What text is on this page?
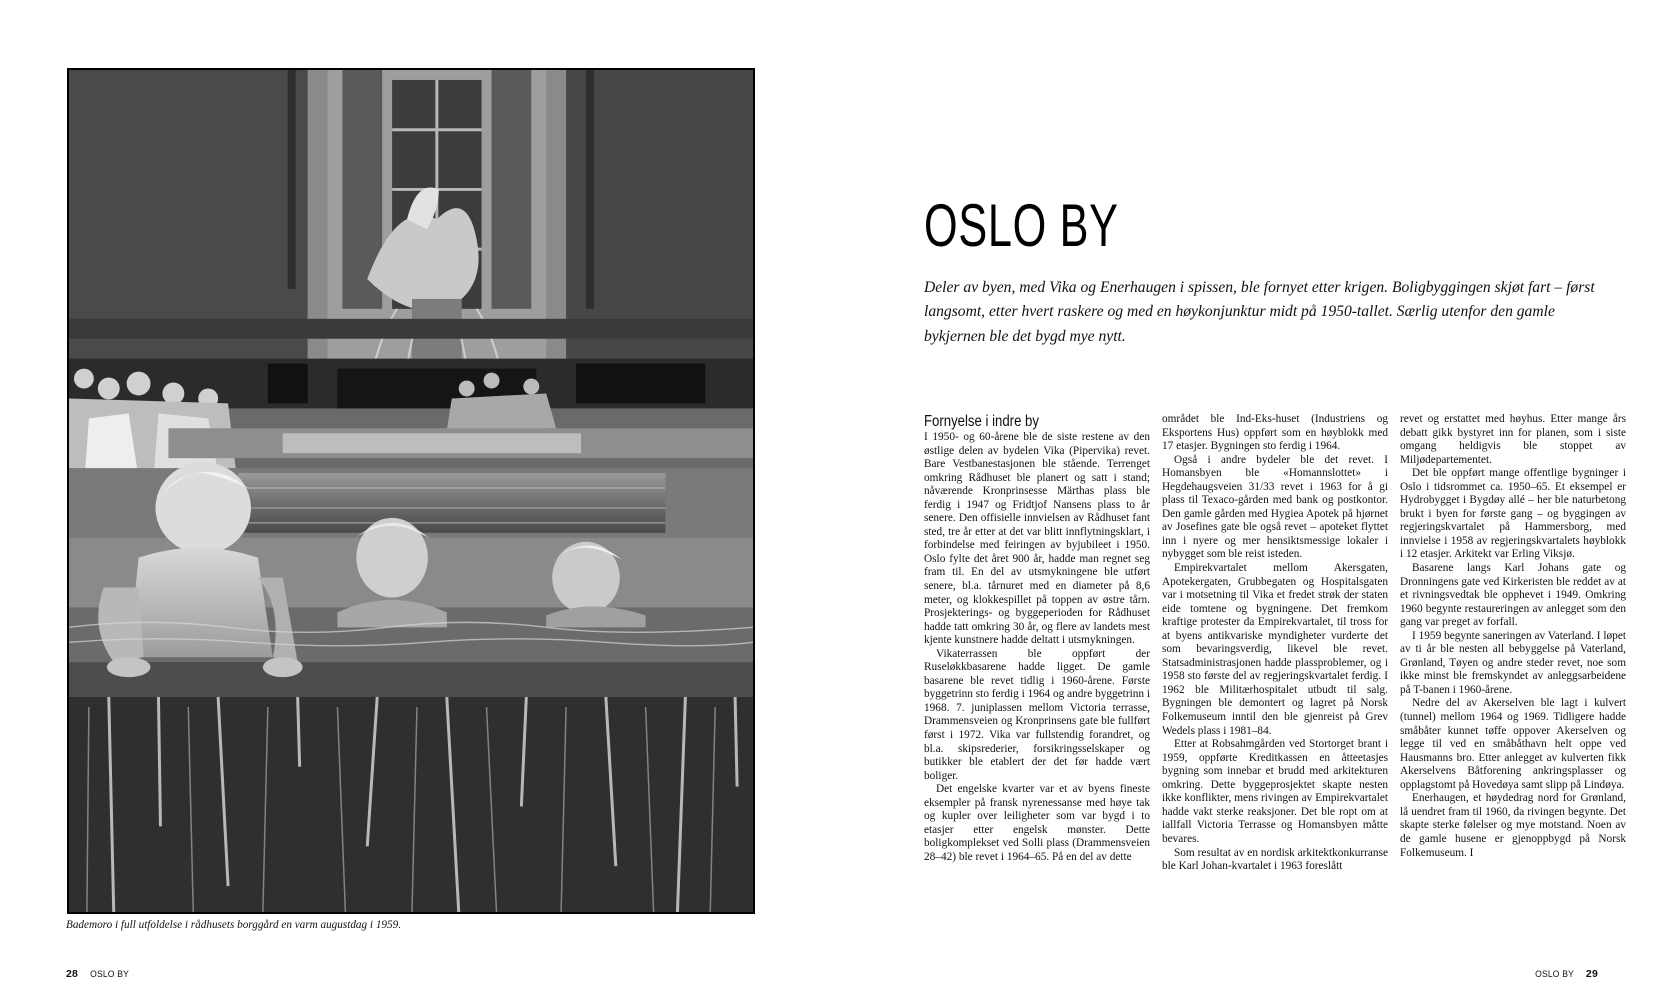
Bademoro i full utfoldelse i rådhusets borggård en varm augustdag i 1959.
28 OSLO BY
OSLO BY
Deler av byen, med Vika og Enerhaugen i spissen, ble fornyet etter krigen. Boligbyggingen skjøt fart – først langsomt, etter hvert raskere og med en høykonjunktur midt på 1950-tallet. Særlig utenfor den gamle bykjernen ble det bygd mye nytt.
Fornyelse i indre by

I 1950- og 60-årene ble de siste restene av den østlige delen av bydelen Vika (Pipervika) revet. Bare Vestbanestasjonen ble stående. Terrenget omkring Rådhuset ble planert og satt i stand; nåværende Kronprinsesse Märthas plass ble ferdig i 1947 og Fridtjof Nansens plass to år senere. Den offisielle innvielsen av Rådhuset fant sted, tre år etter at det var blitt innflytningsklart, i forbindelse med feiringen av byjubileet i 1950. Oslo fylte det året 900 år, hadde man regnet seg fram til. En del av utsmykningene ble utført senere, bl.a. tårnuret med en diameter på 8,6 meter, og klokkespillet på toppen av østre tårn. Prosjekterings- og byggeperioden for Rådhuset hadde tatt omkring 30 år, og flere av landets mest kjente kunstnere hadde deltatt i utsmykningen.

Vikaterrassen ble oppført der Ruseløkkbasarene hadde ligget. De gamle basarene ble revet tidlig i 1960-årene. Første byggetrinn sto ferdig i 1964 og andre byggetrinn i 1968. 7. juniplassen mellom Victoria terrasse, Drammensveien og Kronprinsens gate ble fullført først i 1972. Vika var fullstendig forandret, og bl.a. skipsrederier, forsikringsselskaper og butikker ble etablert der det før hadde vært boliger.

Det engelske kvarter var et av byens fineste eksempler på fransk nyrenessanse med høye tak og kupler over leiligheter som var bygd i to etasjer etter engelsk mønster. Dette boligkomplekset ved Solli plass (Drammensveien 28–42) ble revet i 1964–65. På en del av dette

området ble Ind-Eks-huset (Industriens og Eksportens Hus) oppført som en høyblokk med 17 etasjer. Bygningen sto ferdig i 1964.

Også i andre bydeler ble det revet. I Homansbyen ble «Homannslottet» i Hegdehaugsveien 31/33 revet i 1963 for å gi plass til Texaco-gården med bank og postkontor. Den gamle gården med Hygiea Apotek på hjørnet av Josefines gate ble også revet – apoteket flyttet inn i nyere og mer hensiktsmessige lokaler i nybygget som ble reist isteden.

Empirekvartalet mellom Akersgaten, Apotekergaten, Grubbegaten og Hospitalsgaten var i motsetning til Vika et fredet strøk der staten eide tomtene og bygningene. Det fremkom kraftige protester da Empirekvartalet, til tross for at byens antikvariske myndigheter vurderte det som bevaringsverdig, likevel ble revet. Statsadministrasjonen hadde plassproblemer, og i 1958 sto første del av regjeringskvartalet ferdig. I 1962 ble Militærhospitalet utbudt til salg. Bygningen ble demontert og lagret på Norsk Folkemuseum inntil den ble gjenreist på Grev Wedels plass i 1981–84.

Etter at Robsahmgården ved Stortorget brant i 1959, oppførte Kreditkassen en åtteetasjes bygning som innebar et brudd med arkitekturen omkring. Dette byggeprosjektet skapte nesten ikke konflikter, mens rivingen av Empirekvartalet hadde vakt sterke reaksjoner. Det ble ropt om at iallfall Victoria Terrasse og Homansbyen måtte bevares.

Som resultat av en nordisk arkitektkonkurranse ble Karl Johan-kvartalet i 1963 foreslått

revet og erstattet med høyhus. Etter mange års debatt gikk bystyret inn for planen, som i siste omgang heldigvis ble stoppet av Miljødepartementet.

Det ble oppført mange offentlige bygninger i Oslo i tidsrommet ca. 1950–65. Et eksempel er Hydrobygget i Bygdøy allé – her ble naturbetong brukt i byen for første gang – og byggingen av regjeringskvartalet på Hammersborg, med innvielse i 1958 av regjeringskvartalets høyblokk i 12 etasjer. Arkitekt var Erling Viksjø.

Basarene langs Karl Johans gate og Dronningens gate ved Kirkeristen ble reddet av at et rivningsvedtak ble opphevet i 1949. Omkring 1960 begynte restaureringen av anlegget som den gang var preget av forfall.

I 1959 begynte saneringen av Vaterland. I løpet av ti år ble nesten all bebyggelse på Vaterland, Grønland, Tøyen og andre steder revet, noe som ikke minst ble fremskyndet av anleggsarbeidene på T-banen i 1960-årene.

Nedre del av Akerselven ble lagt i kulvert (tunnel) mellom 1964 og 1969. Tidligere hadde småbåter kunnet tøffe oppover Akerselven og legge til ved en småbåthavn helt oppe ved Hausmanns bro. Etter anlegget av kulverten fikk Akerselvens Båtforening ankringsplasser og opplagstomt på Hovedøya samt slipp på Lindøya.

Enerhaugen, et høydedrag nord for Grønland, lå uendret fram til 1960, da rivingen begynte. Det skapte sterke følelser og mye motstand. Noen av de gamle husene er gjenoppbygd på Norsk Folkemuseum. I

OSLO BY 29
